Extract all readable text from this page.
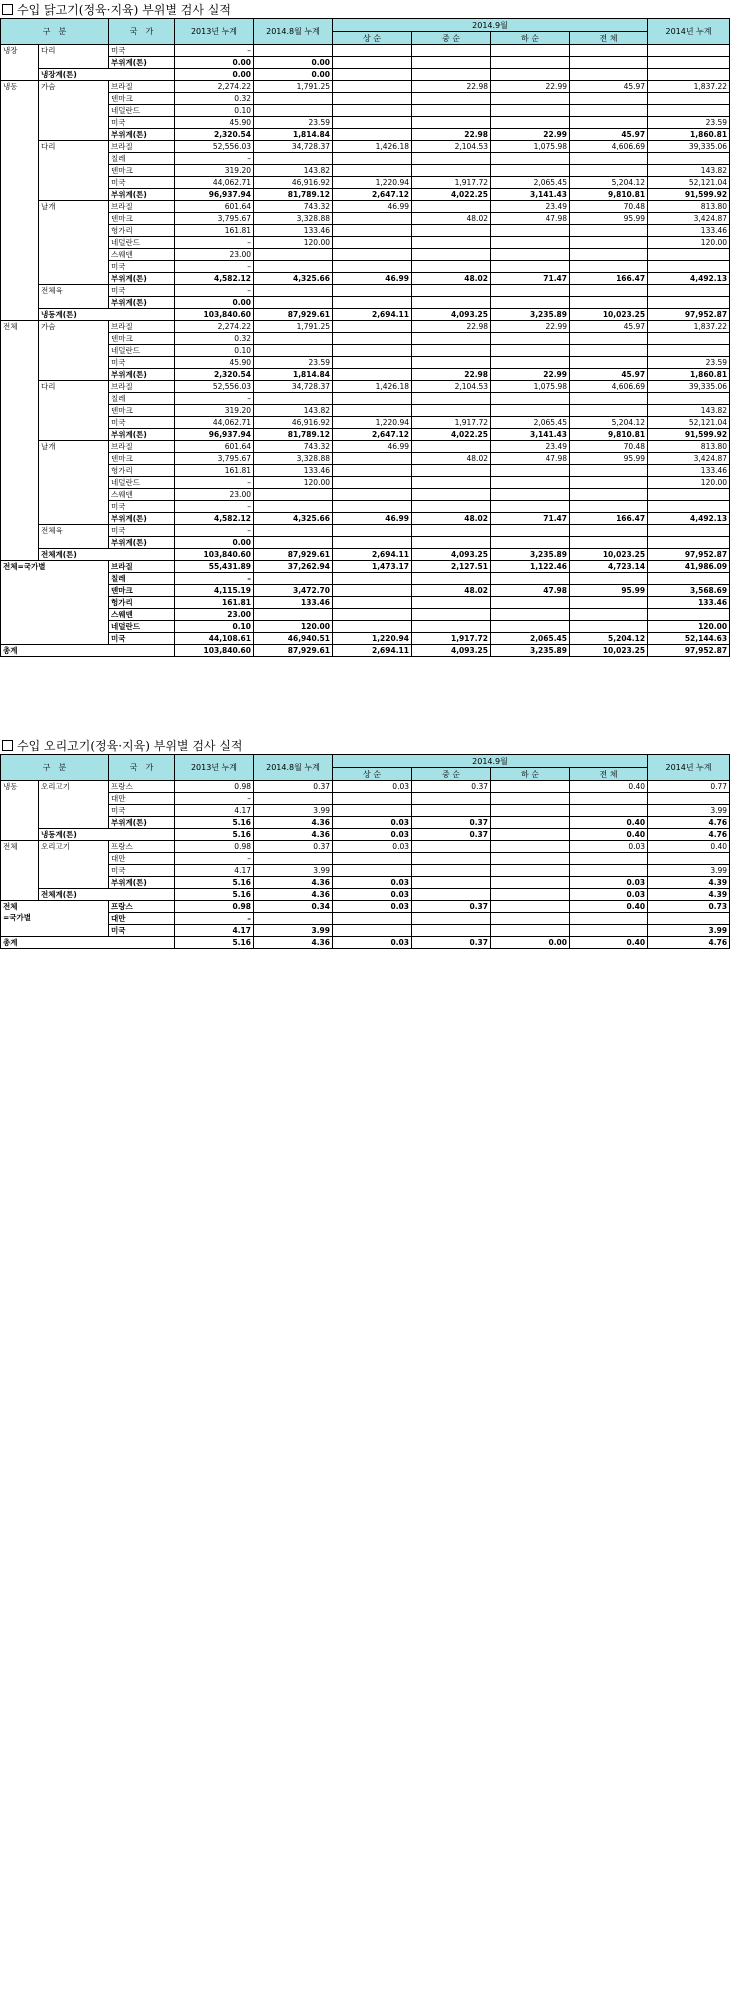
수입 닭고기(정육·지육) 부위별 검사 실적
구　분		국　가	2013년 누계	2014.8월 누계	2014.9월				2014년 누계
					상 순	중 순	하 순	전 체	
냉장	다리	미국	–						
		부위계(톤)	0.00	0.00					
	냉장계(톤)		0.00	0.00					
냉동	가슴	브라질	2,274.22	1,791.25		22.98	22.99	45.97	1,837.22
		덴마크	0.32						
		네덜란드	0.10						
		미국	45.90	23.59					23.59
		부위계(톤)	2,320.54	1,814.84		22.98	22.99	45.97	1,860.81
	다리	브라질	52,556.03	34,728.37	1,426.18	2,104.53	1,075.98	4,606.69	39,335.06
		칠레	–						
		덴마크	319.20	143.82					143.82
		미국	44,062.71	46,916.92	1,220.94	1,917.72	2,065.45	5,204.12	52,121.04
		부위계(톤)	96,937.94	81,789.12	2,647.12	4,022.25	3,141.43	9,810.81	91,599.92
	날개	브라질	601.64	743.32	46.99		23.49	70.48	813.80
		덴마크	3,795.67	3,328.88		48.02	47.98	95.99	3,424.87
		헝가리	161.81	133.46					133.46
		네덜란드	–	120.00					120.00
		스웨덴	23.00						
		미국	–						
		부위계(톤)	4,582.12	4,325.66	46.99	48.02	71.47	166.47	4,492.13
	전체육	미국	–						
		부위계(톤)	0.00						
	냉동계(톤)		103,840.60	87,929.61	2,694.11	4,093.25	3,235.89	10,023.25	97,952.87
전체	가슴	브라질	2,274.22	1,791.25		22.98	22.99	45.97	1,837.22
		덴마크	0.32						
		네덜란드	0.10						
		미국	45.90	23.59					23.59
		부위계(톤)	2,320.54	1,814.84		22.98	22.99	45.97	1,860.81
	다리	브라질	52,556.03	34,728.37	1,426.18	2,104.53	1,075.98	4,606.69	39,335.06
		칠레	–						
		덴마크	319.20	143.82					143.82
		미국	44,062.71	46,916.92	1,220.94	1,917.72	2,065.45	5,204.12	52,121.04
		부위계(톤)	96,937.94	81,789.12	2,647.12	4,022.25	3,141.43	9,810.81	91,599.92
	날개	브라질	601.64	743.32	46.99		23.49	70.48	813.80
		덴마크	3,795.67	3,328.88		48.02	47.98	95.99	3,424.87
		헝가리	161.81	133.46					133.46
		네덜란드	–	120.00					120.00
		스웨덴	23.00						
		미국	–						
		부위계(톤)	4,582.12	4,325.66	46.99	48.02	71.47	166.47	4,492.13
	전체육	미국	–						
		부위계(톤)	0.00						
	전체계(톤)		103,840.60	87,929.61	2,694.11	4,093.25	3,235.89	10,023.25	97,952.87
전체=국가별		브라질	55,431.89	37,262.94	1,473.17	2,127.51	1,122.46	4,723.14	41,986.09
		칠레	–						
		덴마크	4,115.19	3,472.70		48.02	47.98	95.99	3,568.69
		헝가리	161.81	133.46					133.46
		스웨덴	23.00						
		네덜란드	0.10	120.00					120.00
		미국	44,108.61	46,940.51	1,220.94	1,917.72	2,065.45	5,204.12	52,144.63
총계			103,840.60	87,929.61	2,694.11	4,093.25	3,235.89	10,023.25	97,952.87
수입 오리고기(정육·지육) 부위별 검사 실적
구　분		국　가	2013년 누계	2014.8월 누계	2014.9월				2014년 누계
					상 순	중 순	하 순	전 체	
냉동	오리고기	프랑스	0.98	0.37	0.03	0.37		0.40	0.77
		대만	–						
		미국	4.17	3.99					3.99
		부위계(톤)	5.16	4.36	0.03	0.37		0.40	4.76
	냉동계(톤)		5.16	4.36	0.03	0.37		0.40	4.76
전체	오리고기	프랑스	0.98	0.37	0.03			0.03	0.40
		대만	–						
		미국	4.17	3.99					3.99
		부위계(톤)	5.16	4.36	0.03			0.03	4.39
	전체계(톤)		5.16	4.36	0.03			0.03	4.39
전체
=국가별		프랑스	0.98	0.34	0.03	0.37		0.40	0.73
		대만	–						
		미국	4.17	3.99					3.99
총계			5.16	4.36	0.03	0.37	0.00	0.40	4.76
